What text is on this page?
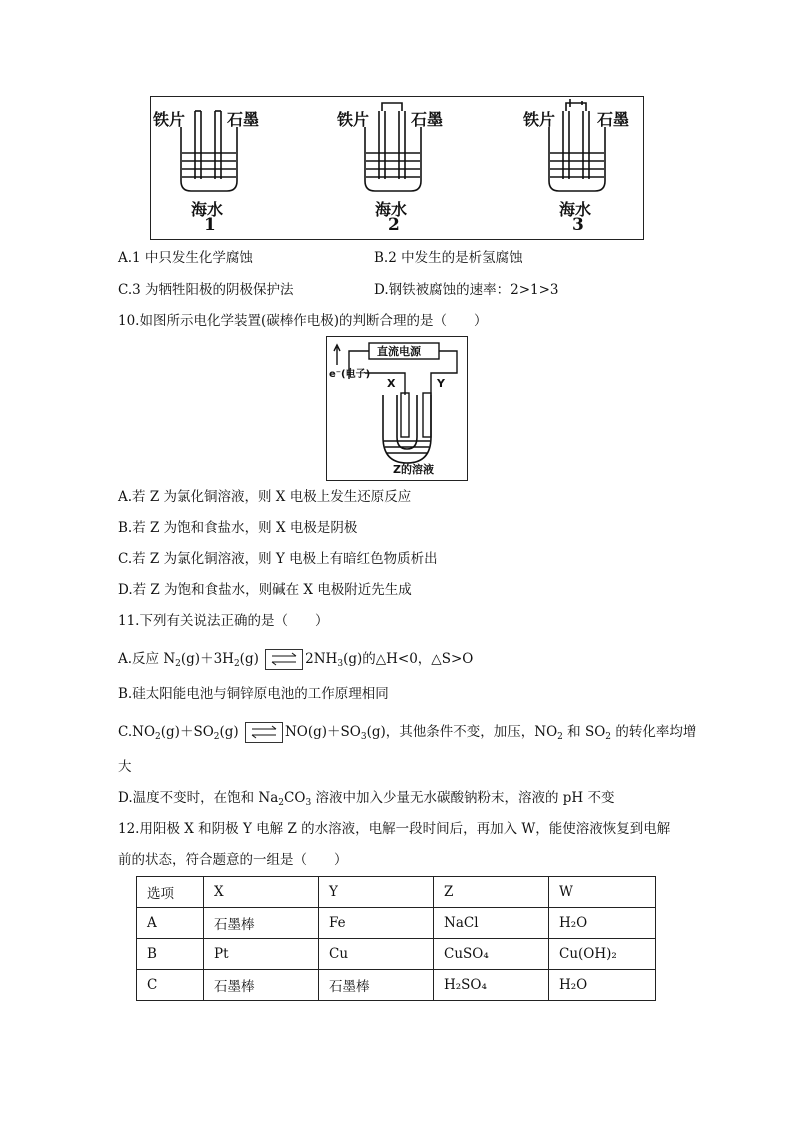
铁片	石墨
海水
1
铁片	石墨
海水
2
铁片	石墨
海水
3
A.1 中只发生化学腐蚀	B.2 中发生的是析氢腐蚀
C.3 为牺牲阳极的阴极保护法	D.钢铁被腐蚀的速率：2>1>3
10.如图所示电化学装置(碳棒作电极)的判断合理的是（　　）
直流电源
e⁻(电子)
X	Y
Z的溶液
A.若 Z 为氯化铜溶液，则 X 电极上发生还原反应
B.若 Z 为饱和食盐水，则 X 电极是阴极
C.若 Z 为氯化铜溶液，则 Y 电极上有暗红色物质析出
D.若 Z 为饱和食盐水，则碱在 X 电极附近先生成
11.下列有关说法正确的是（　　）
A.反应 $N_2(g)+3H_2(g)$	$2NH_3(g)$的△H<0，△S>O
B.硅太阳能电池与铜锌原电池的工作原理相同
$C.NO_2(g)+SO_2(g)$	$NO(g)+SO_3(g)$，其他条件不变，加压，$NO_2$ 和 $SO_2$ 的转化率均增
大
D.温度不变时，在饱和 $Na_2CO_3$ 溶液中加入少量无水碳酸钠粉末，溶液的 pH 不变
12.用阳极 X 和阴极 Y 电解 Z 的水溶液，电解一段时间后，再加入 W，能使溶液恢复到电解
前的状态，符合题意的一组是（　　）
选项	X	Y	Z	W
A	石墨棒	Fe	NaCl	H₂O
B	Pt	Cu	CuSO₄	Cu(OH)₂
C	石墨棒	石墨棒	H₂SO₄	H₂O
